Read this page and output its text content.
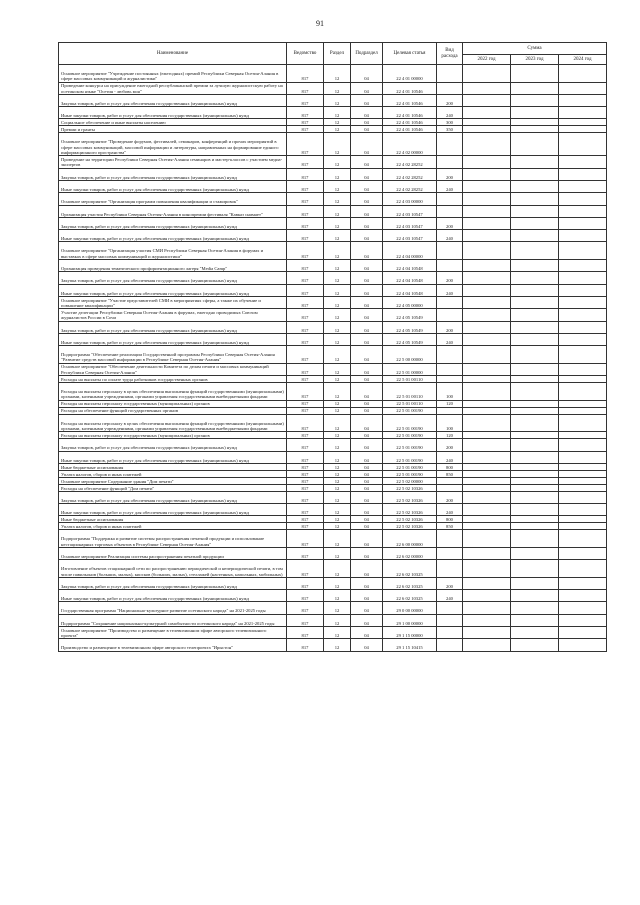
91
Наименование	Ведомство	Раздел	Подраздел	Целевая статья	Вид расхода	Сумма		
						2022 год	2023 год	2024 год
Основное мероприятие "Учреждение постоянных (ежегодных) премий Республики Северная Осетия-Алания в сфере массовых коммуникаций и журналистики"	817	12	04	22 4 01 00000				
Проведение конкурса на присуждение ежегодной республиканской премии за лучшую журналистскую работу на осетинском языке "Осетия - любовь моя"	817	12	04	22 4 01 10546				
Закупка товаров, работ и услуг для обеспечения государственных (муниципальных) нужд	817	12	04	22 4 01 10546	200			
Иные закупки товаров, работ и услуг для обеспечения государственных (муниципальных) нужд	817	12	04	22 4 01 10546	240			
Социальное обеспечение и иные выплаты населению	817	12	04	22 4 01 10546	300			
Премии и гранты	817	12	04	22 4 01 10546	350			
Основное мероприятие "Проведение форумов, фестивалей, семинаров, конференций и прочих мероприятий в сфере массовых коммуникаций, массовой информации и литературы, направленных на формирование единого информационного пространства"	817	12	04	22 4 02 00000				
Проведение на территории Республики Северная Осетия-Алания семинаров и мастер-классов с участием медиа-экспертов	817	12	04	22 4 02 28252				
Закупка товаров, работ и услуг для обеспечения государственных (муниципальных) нужд	817	12	04	22 4 02 28252	200			
Иные закупки товаров, работ и услуг для обеспечения государственных (муниципальных) нужд	817	12	04	22 4 02 28252	240			
Основное мероприятие "Организация программ повышения квалификации и стажировок"	817	12	04	22 4 03 00000				
Организация участия Республики Северная Осетия-Алания в кинопремии фестиваля "Кавказ снимает"	817	12	04	22 4 03 10547				
Закупка товаров, работ и услуг для обеспечения государственных (муниципальных) нужд	817	12	04	22 4 03 10547	200			
Иные закупки товаров, работ и услуг для обеспечения государственных (муниципальных) нужд	817	12	04	22 4 03 10547	240			
Основное мероприятие "Организация участия СМИ Республики Северная Осетия-Алания в форумах и выставках в сфере массовых коммуникаций и журналистики"	817	12	04	22 4 04 00000				
Организация проведения тематического профориентационного лагеря "Media Camp"	817	12	04	22 4 04 10548				
Закупка товаров, работ и услуг для обеспечения государственных (муниципальных) нужд	817	12	04	22 4 04 10548	200			
Иные закупки товаров, работ и услуг для обеспечения государственных (муниципальных) нужд	817	12	04	22 4 04 10548	240			
Основное мероприятие "Участие представителей СМИ в мероприятиях сферы, а также их обучение и повышение квалификации"	817	12	04	22 4 05 00000				
Участие делегации Республики Северная Осетия-Алания в форумах, ежегодно проводимых Союзом журналистов России в Сочи	817	12	04	22 4 05 10549				
Закупка товаров, работ и услуг для обеспечения государственных (муниципальных) нужд	817	12	04	22 4 05 10549	200			
Иные закупки товаров, работ и услуг для обеспечения государственных (муниципальных) нужд	817	12	04	22 4 05 10549	240			
Подпрограмма "Обеспечение реализации Государственной программы Республики Северная Осетия-Алания "Развитие средств массовой информации в Республике Северная Осетия-Алания"	817	12	04	22 5 00 00000				
Основное мероприятие "Обеспечение деятельности Комитета по делам печати и массовых коммуникаций Республики Северная Осетия-Алания"	817	12	04	22 5 01 00000				
Расходы на выплаты по оплате труда работников государственных органов	817	12	04	22 5 01 00110				
Расходы на выплаты персоналу в целях обеспечения выполнения функций государственными (муниципальными) органами, казенными учреждениями, органами управления государственными внебюджетными фондами	817	12	04	22 5 01 00110	100			
Расходы на выплаты персоналу государственных (муниципальных) органов	817	12	04	22 5 01 00110	120			
Расходы на обеспечение функций государственных органов	817	12	04	22 5 01 00190				
Расходы на выплаты персоналу в целях обеспечения выполнения функций государственными (муниципальными) органами, казенными учреждениями, органами управления государственными внебюджетными фондами	817	12	04	22 5 01 00190	100			
Расходы на выплаты персоналу государственных (муниципальных) органов	817	12	04	22 5 01 00190	120			
Закупка товаров, работ и услуг для обеспечения государственных (муниципальных) нужд	817	12	04	22 5 01 00190	200			
Иные закупки товаров, работ и услуг для обеспечения государственных (муниципальных) нужд	817	12	04	22 5 01 00190	240			
Иные бюджетные ассигнования	817	12	04	22 5 01 00190	800			
Уплата налогов, сборов и иных платежей	817	12	04	22 5 01 00190	850			
Основное мероприятие Содержание здания "Дом печати"	817	12	04	22 5 02 00000				
Расходы на обеспечение функций "Дом печати"	817	12	04	22 5 02 10326				
Закупка товаров, работ и услуг для обеспечения государственных (муниципальных) нужд	817	12	04	22 5 02 10326	200			
Иные закупки товаров, работ и услуг для обеспечения государственных (муниципальных) нужд	817	12	04	22 5 02 10326	240			
Иные бюджетные ассигнования	817	12	04	22 5 02 10326	800			
Уплата налогов, сборов и иных платежей	817	12	04	22 5 02 10326	850			
Подпрограмма "Поддержка и развитие системы распространения печатной продукции и использование нестационарных торговых объектов в Республике Северная Осетия-Алания"	817	12	04	22 6 00 00000				
Основное мероприятие Реализация системы распространения печатной продукции	817	12	04	22 6 02 00000				
Изготовление объектов стационарной сети по распространению периодической и непериодической печати, в том числе павильонов (больших, малых), киосков (больших, малых), стеллажей (настенных, напольных, мобильных)	817	12	04	22 6 02 10325				
Закупка товаров, работ и услуг для обеспечения государственных (муниципальных) нужд	817	12	04	22 6 02 10325	200			
Иные закупки товаров, работ и услуг для обеспечения государственных (муниципальных) нужд	817	12	04	22 6 02 10325	240			
Государственная программа "Национально-культурное развитие осетинского народа" на 2021-2025 годы	817	12	04	29 0 00 00000				
Подпрограмма "Сохранение национально-культурной самобытности осетинского народа" на 2021-2025 годы	817	12	04	29 1 00 00000				
Основное мероприятие "Производство и размещение в телевизионном эфире авторского телевизионного проекта"	817	12	04	29 1 15 00000				
Производство и размещение в телевизионном эфире авторского телепроекта "Ирыстон"	817	12	04	29 1 15 10415				
